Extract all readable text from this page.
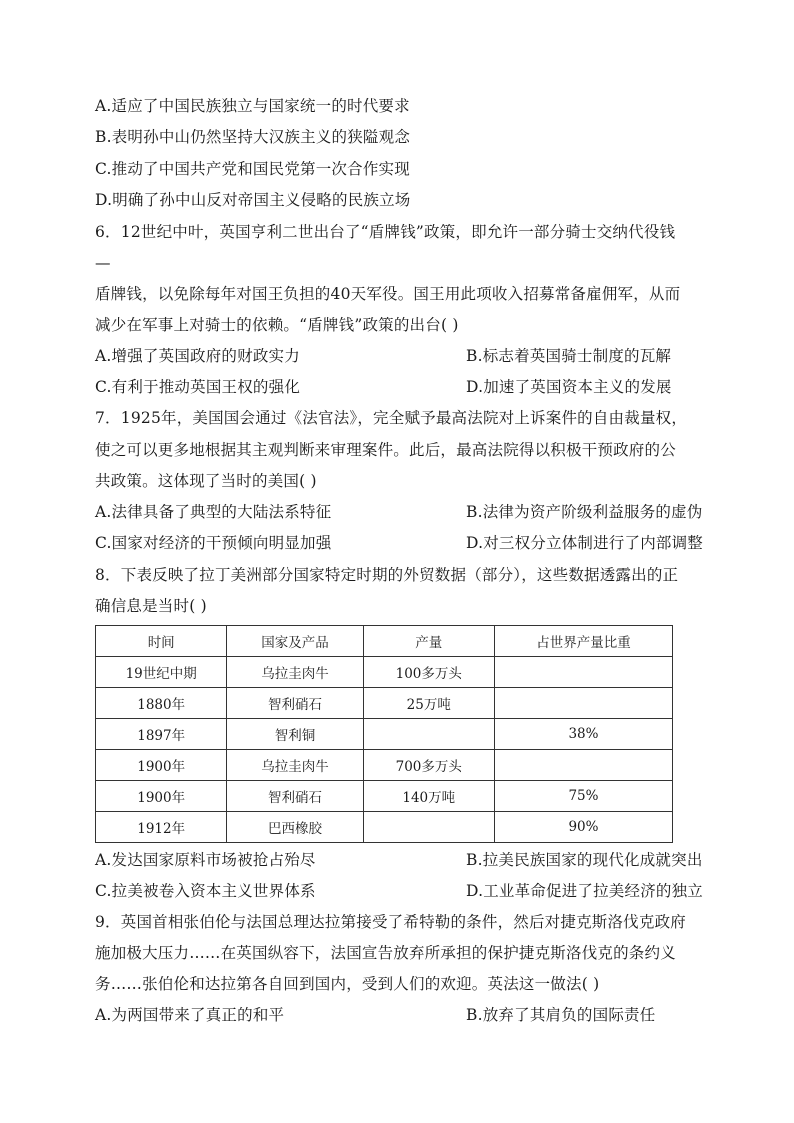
A.适应了中国民族独立与国家统一的时代要求
B.表明孙中山仍然坚持大汉族主义的狭隘观念
C.推动了中国共产党和国民党第一次合作实现
D.明确了孙中山反对帝国主义侵略的民族立场
6．12世纪中叶，英国亨利二世出台了“盾牌钱”政策，即允许一部分骑士交纳代役钱
—
盾牌钱，以免除每年对国王负担的40天军役。国王用此项收入招募常备雇佣军，从而
减少在军事上对骑士的依赖。“盾牌钱”政策的出台( )
A.增强了英国政府的财政实力	B.标志着英国骑士制度的瓦解
C.有利于推动英国王权的强化	D.加速了英国资本主义的发展
7．1925年，美国国会通过《法官法》，完全赋予最高法院对上诉案件的自由裁量权，
使之可以更多地根据其主观判断来审理案件。此后，最高法院得以积极干预政府的公
共政策。这体现了当时的美国( )
A.法律具备了典型的大陆法系特征	B.法律为资产阶级利益服务的虚伪
C.国家对经济的干预倾向明显加强	D.对三权分立体制进行了内部调整
8．下表反映了拉丁美洲部分国家特定时期的外贸数据（部分），这些数据透露出的正
确信息是当时( )
时间	国家及产品	产量	占世界产量比重
19世纪中期	乌拉圭肉牛	100多万头	
1880年	智利硝石	25万吨	
1897年	智利铜		38%
1900年	乌拉圭肉牛	700多万头	
1900年	智利硝石	140万吨	75%
1912年	巴西橡胶		90%
A.发达国家原料市场被抢占殆尽	B.拉美民族国家的现代化成就突出
C.拉美被卷入资本主义世界体系	D.工业革命促进了拉美经济的独立
9．英国首相张伯伦与法国总理达拉第接受了希特勒的条件，然后对捷克斯洛伐克政府
施加极大压力……在英国纵容下，法国宣告放弃所承担的保护捷克斯洛伐克的条约义
务……张伯伦和达拉第各自回到国内，受到人们的欢迎。英法这一做法( )
A.为两国带来了真正的和平	B.放弃了其肩负的国际责任
